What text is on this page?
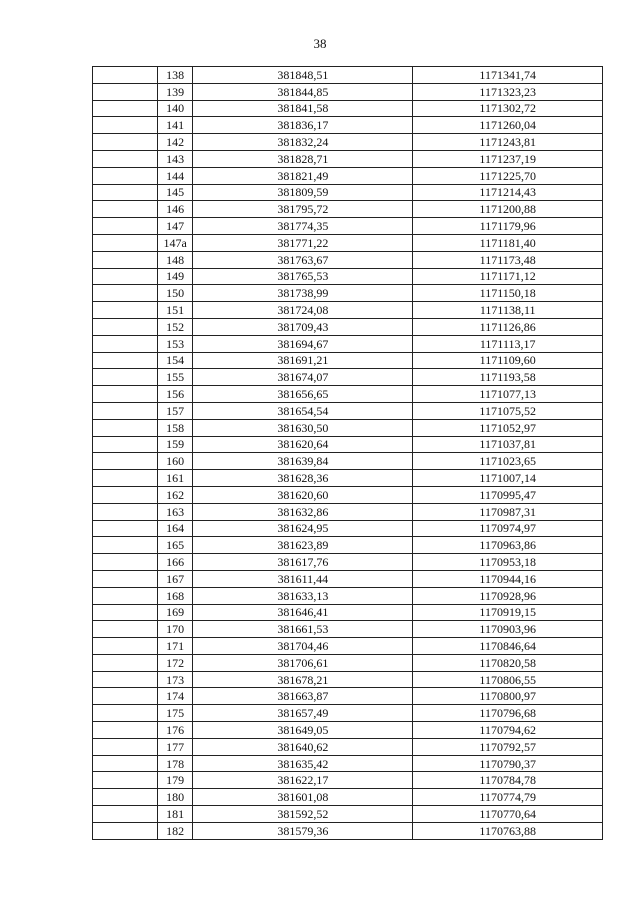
38
	138	381848,51	1171341,74
	139	381844,85	1171323,23
	140	381841,58	1171302,72
	141	381836,17	1171260,04
	142	381832,24	1171243,81
	143	381828,71	1171237,19
	144	381821,49	1171225,70
	145	381809,59	1171214,43
	146	381795,72	1171200,88
	147	381774,35	1171179,96
	147а	381771,22	1171181,40
	148	381763,67	1171173,48
	149	381765,53	1171171,12
	150	381738,99	1171150,18
	151	381724,08	1171138,11
	152	381709,43	1171126,86
	153	381694,67	1171113,17
	154	381691,21	1171109,60
	155	381674,07	1171193,58
	156	381656,65	1171077,13
	157	381654,54	1171075,52
	158	381630,50	1171052,97
	159	381620,64	1171037,81
	160	381639,84	1171023,65
	161	381628,36	1171007,14
	162	381620,60	1170995,47
	163	381632,86	1170987,31
	164	381624,95	1170974,97
	165	381623,89	1170963,86
	166	381617,76	1170953,18
	167	381611,44	1170944,16
	168	381633,13	1170928,96
	169	381646,41	1170919,15
	170	381661,53	1170903,96
	171	381704,46	1170846,64
	172	381706,61	1170820,58
	173	381678,21	1170806,55
	174	381663,87	1170800,97
	175	381657,49	1170796,68
	176	381649,05	1170794,62
	177	381640,62	1170792,57
	178	381635,42	1170790,37
	179	381622,17	1170784,78
	180	381601,08	1170774,79
	181	381592,52	1170770,64
	182	381579,36	1170763,88
